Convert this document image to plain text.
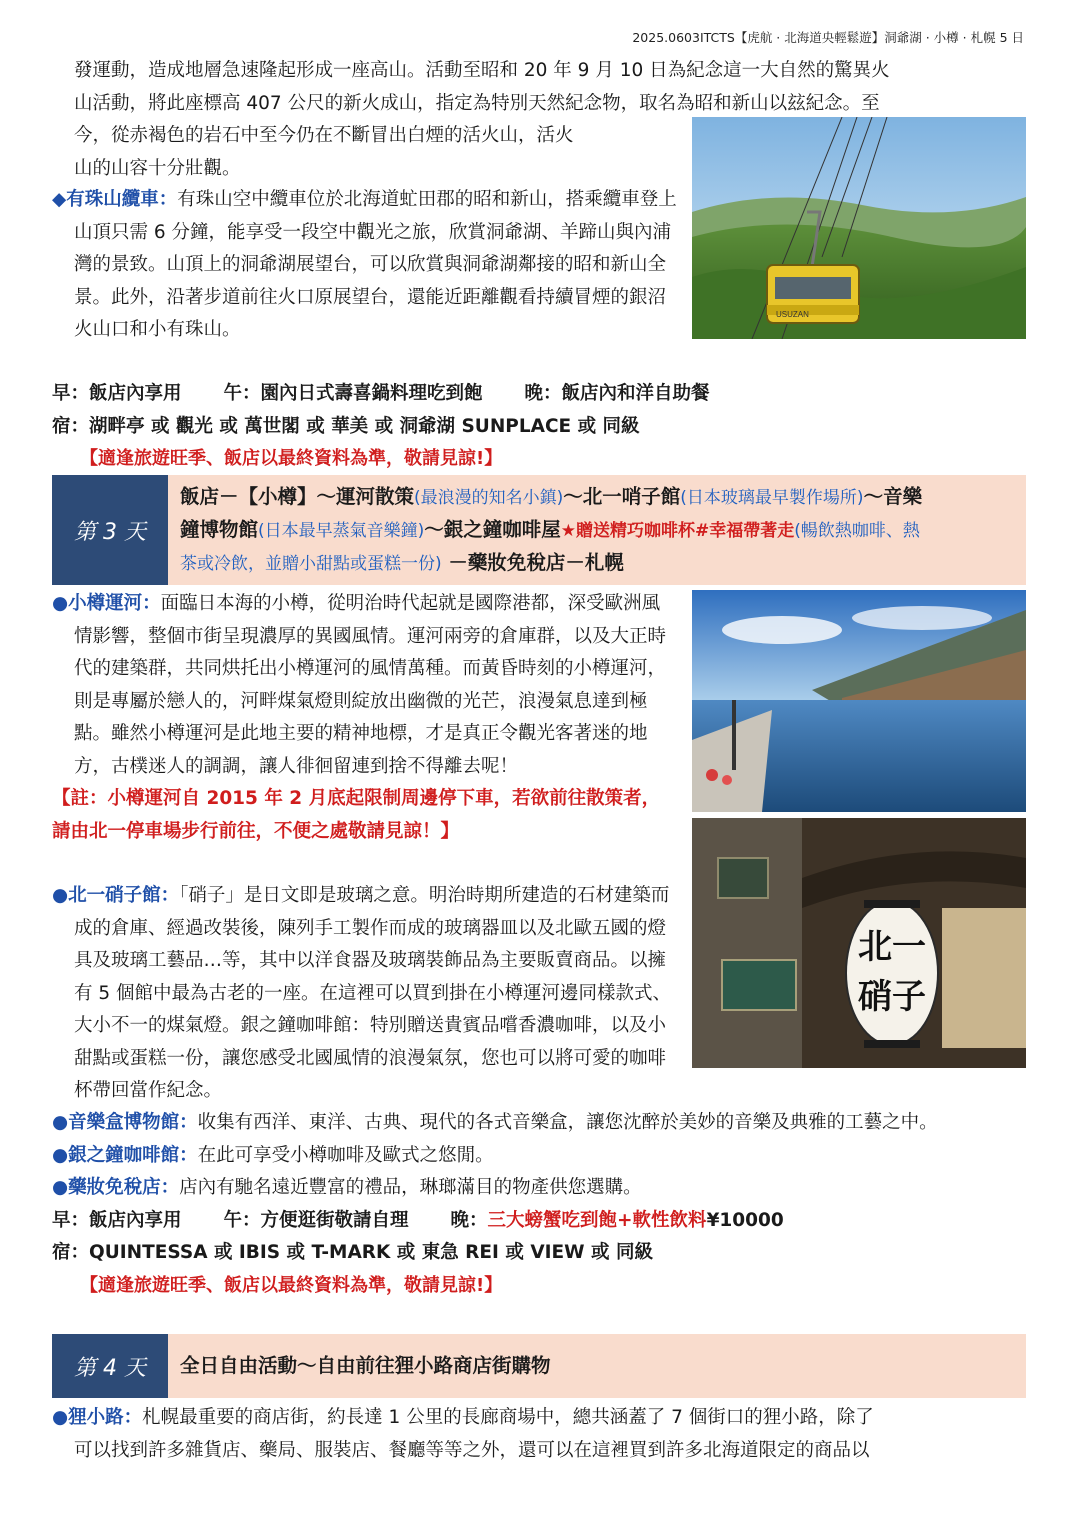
2025.0603ITCTS【虎航 · 北海道央輕鬆遊】洞爺湖 · 小樽 · 札幌 5 日

發運動，造成地層急速隆起形成一座高山。活動至昭和 20 年 9 月 10 日為紀念這一大自然的驚異火

山活動，將此座標高 407 公尺的新火成山，指定為特別天然紀念物，取名為昭和新山以玆紀念。至

今，從赤褐色的岩石中至今仍在不斷冒出白煙的活火山，活火

山的山容十分壯觀。

USUZAN

◆有珠山纜車：有珠山空中纜車位於北海道虻田郡的昭和新山，搭乘纜車登上山頂只需 6 分鐘，能享受一段空中觀光之旅，欣賞洞爺湖、羊蹄山與內浦灣的景致。山頂上的洞爺湖展望台，可以欣賞與洞爺湖鄰接的昭和新山全景。此外，沿著步道前往火口原展望台，還能近距離觀看持續冒煙的銀沼火山口和小有珠山。

早：飯店內享用 午：園內日式壽喜鍋料理吃到飽 晚：飯店內和洋自助餐

宿：湖畔亭 或 觀光 或 萬世閣 或 華美 或 洞爺湖 SUNPLACE 或 同級

【適逢旅遊旺季、飯店以最終資料為準，敬請見諒!】

第 3 天
飯店－【小樽】～運河散策(最浪漫的知名小鎮)～北一哨子館(日本玻璃最早製作場所)～音樂
鐘博物館(日本最早蒸氣音樂鐘)～銀之鐘咖啡屋★贈送精巧咖啡杯#幸福帶著走(暢飲熱咖啡、熱
茶或冷飲，並贈小甜點或蛋糕一份) －藥妝免稅店－札幌
北一
硝子

●小樽運河：面臨日本海的小樽，從明治時代起就是國際港都，深受歐洲風情影響，整個市街呈現濃厚的異國風情。運河兩旁的倉庫群，以及大正時代的建築群，共同烘托出小樽運河的風情萬種。而黃昏時刻的小樽運河，則是專屬於戀人的，河畔煤氣燈則綻放出幽微的光芒，浪漫氣息達到極點。雖然小樽運河是此地主要的精神地標，才是真正令觀光客著迷的地方，古樸迷人的調調，讓人徘徊留連到捨不得離去呢！

【註：小樽運河自 2015 年 2 月底起限制周邊停下車，若欲前往散策者，請由北一停車場步行前往，不便之處敬請見諒！】

●北一硝子館：「硝子」是日文即是玻璃之意。明治時期所建造的石材建築而成的倉庫、經過改裝後，陳列手工製作而成的玻璃器皿以及北歐五國的燈具及玻璃工藝品…等，其中以洋食器及玻璃裝飾品為主要販賣商品。以擁有 5 個館中最為古老的一座。在這裡可以買到掛在小樽運河邊同樣款式、大小不一的煤氣燈。銀之鐘咖啡館：特別贈送貴賓品嚐香濃咖啡，以及小甜點或蛋糕一份，讓您感受北國風情的浪漫氣氛，您也可以將可愛的咖啡杯帶回當作紀念。

●音樂盒博物館：收集有西洋、東洋、古典、現代的各式音樂盒，讓您沈醉於美妙的音樂及典雅的工藝之中。

●銀之鐘咖啡館：在此可享受小樽咖啡及歐式之悠閒。

●藥妝免稅店：店內有馳名遠近豐富的禮品，琳瑯滿目的物產供您選購。

早：飯店內享用 午：方便逛街敬請自理 晚：三大螃蟹吃到飽+軟性飲料¥10000

宿：QUINTESSA 或 IBIS 或 T-MARK 或 東急 REI 或 VIEW 或 同級

【適逢旅遊旺季、飯店以最終資料為準，敬請見諒!】

第 4 天	全日自由活動～自由前往狸小路商店街購物

●狸小路：札幌最重要的商店街，約長達 1 公里的長廊商場中，總共涵蓋了 7 個街口的狸小路，除了

可以找到許多雜貨店、藥局、服裝店、餐廳等等之外，還可以在這裡買到許多北海道限定的商品以
